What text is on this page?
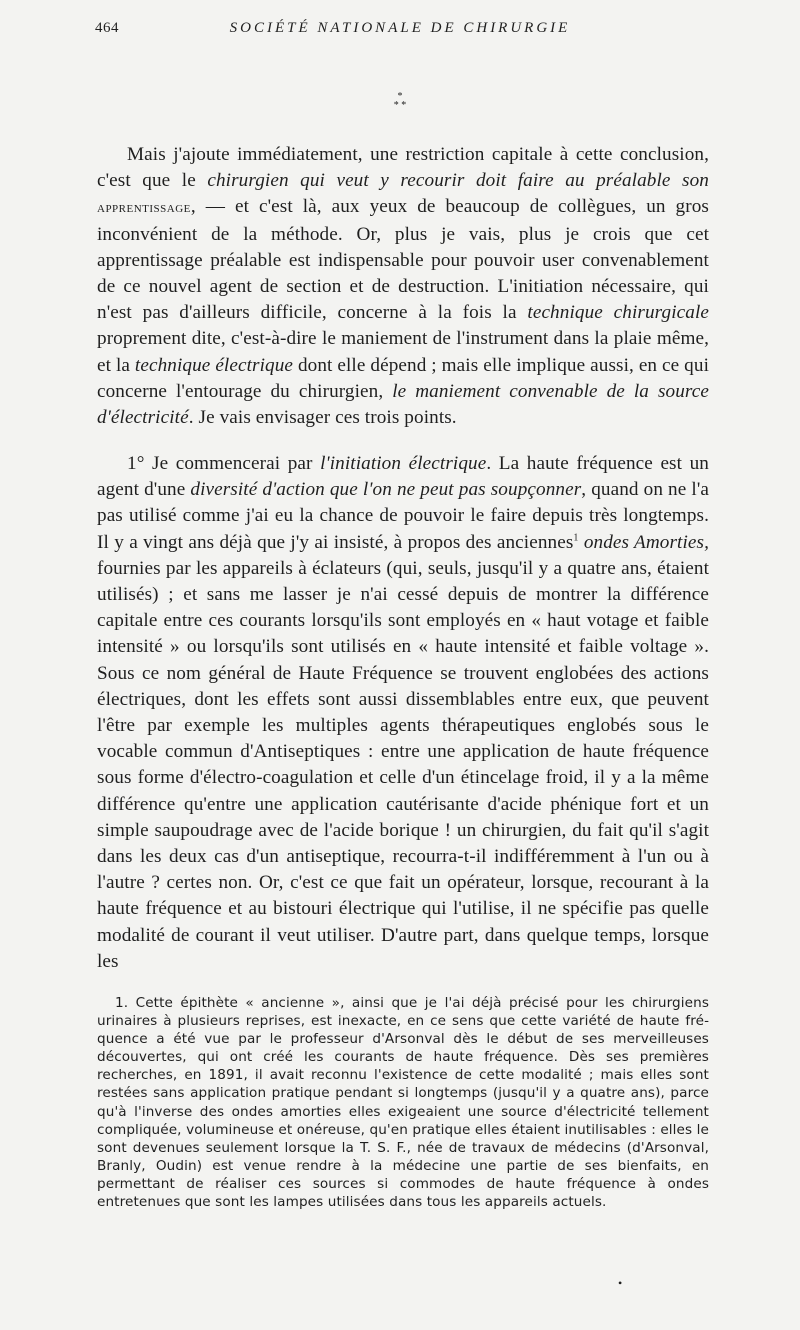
464	SOCIÉTÉ NATIONALE DE CHIRURGIE
*
* *

Mais j'ajoute immédiatement, une restriction capitale à cette conclusion, c'est que le chirurgien qui veut y recourir doit faire au préalable son apprentissage, — et c'est là, aux yeux de beaucoup de collègues, un gros inconvénient de la méthode. Or, plus je vais, plus je crois que cet apprentissage préalable est indispensable pour pouvoir user convenablement de ce nouvel agent de section et de destruction. L'initiation nécessaire, qui n'est pas d'ailleurs difficile, concerne à la fois la technique chirurgicale proprement dite, c'est-à-dire le maniement de l'instrument dans la plaie même, et la technique électrique dont elle dépend ; mais elle implique aussi, en ce qui concerne l'entourage du chirurgien, le maniement convenable de la source d'électricité. Je vais envisager ces trois points.

1° Je commencerai par l'initiation électrique. La haute fréquence est un agent d'une diversité d'action que l'on ne peut pas soupçonner, quand on ne l'a pas utilisé comme j'ai eu la chance de pouvoir le faire depuis très longtemps. Il y a vingt ans déjà que j'y ai insisté, à propos des anciennes$^1$ ondes Amorties, fournies par les appareils à éclateurs (qui, seuls, jusqu'il y a quatre ans, étaient utilisés) ; et sans me lasser je n'ai cessé depuis de montrer la différence capitale entre ces courants lorsqu'ils sont employés en « haut votage et faible intensité » ou lorsqu'ils sont utilisés en « haute intensité et faible voltage ». Sous ce nom général de Haute Fréquence se trouvent englobées des actions électriques, dont les effets sont aussi dissemblables entre eux, que peuvent l'être par exemple les multiples agents thérapeutiques englobés sous le vocable commun d'Antiseptiques : entre une application de haute fréquence sous forme d'électro-coagulation et celle d'un étincelage froid, il y a la même différence qu'entre une application cautérisante d'acide phénique fort et un simple saupoudrage avec de l'acide borique ! un chirurgien, du fait qu'il s'agit dans les deux cas d'un antiseptique, recourra-t-il indifféremment à l'un ou à l'autre ? certes non. Or, c'est ce que fait un opérateur, lorsque, recourant à la haute fréquence et au bistouri électrique qui l'utilise, il ne spécifie pas quelle modalité de courant il veut utiliser. D'autre part, dans quelque temps, lorsque les

1. Cette épithète « ancienne », ainsi que je l'ai déjà précisé pour les chirurgiens urinaires à plusieurs reprises, est inexacte, en ce sens que cette variété de haute fréquence a été vue par le professeur d'Arsonval dès le début de ses merveilleuses découvertes, qui ont créé les courants de haute fréquence. Dès ses premières recherches, en 1891, il avait reconnu l'existence de cette modalité ; mais elles sont restées sans application pratique pendant si longtemps (jusqu'il y a quatre ans), parce qu'à l'inverse des ondes amorties elles exigeaient une source d'électricité tellement compliquée, volumineuse et onéreuse, qu'en pratique elles étaient inutilisables : elles le sont devenues seulement lorsque la T. S. F., née de travaux de médecins (d'Arsonval, Branly, Oudin) est venue rendre à la médecine une partie de ses bienfaits, en permettant de réaliser ces sources si commodes de haute fréquence à ondes entretenues que sont les lampes utilisées dans tous les appareils actuels.

•
